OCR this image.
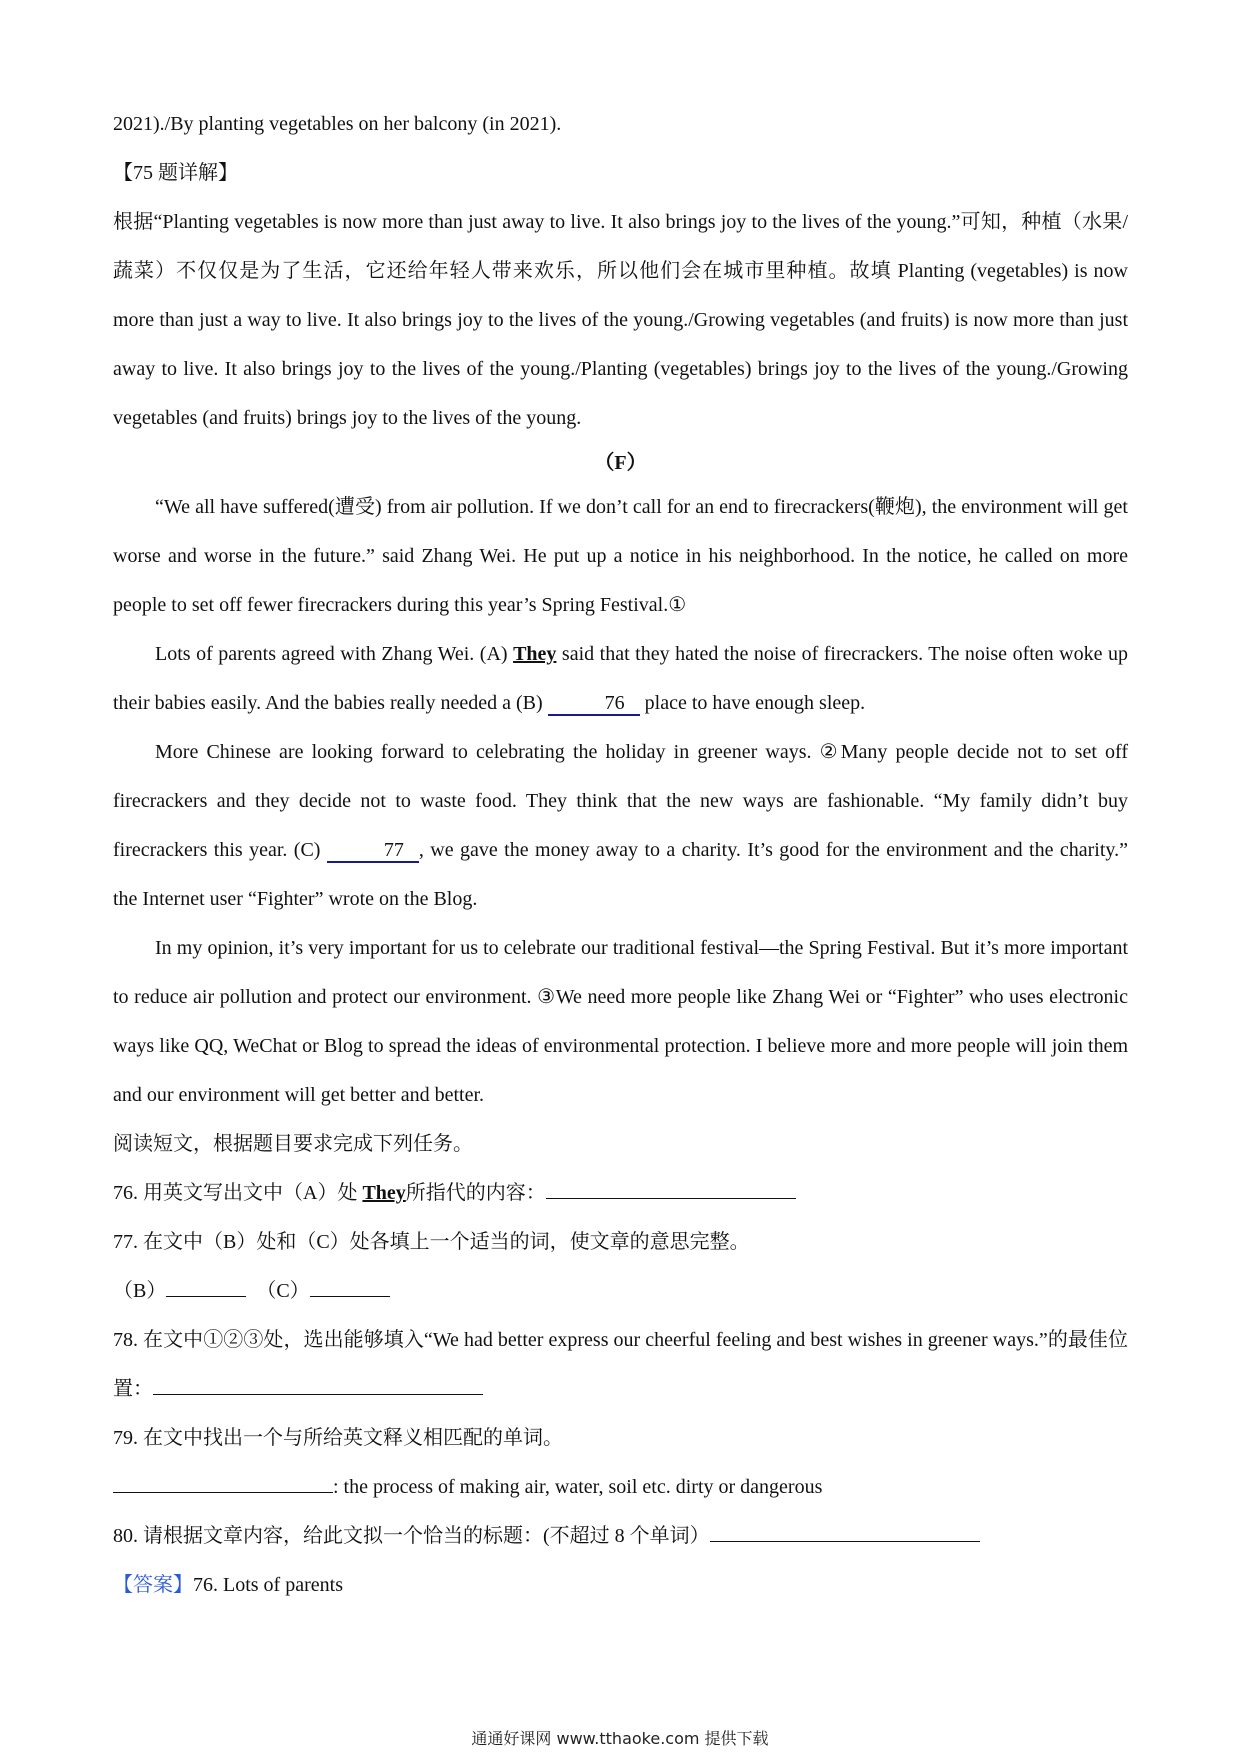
2021)./By planting vegetables on her balcony (in 2021).
【75 题详解】

根据“Planting vegetables is now more than just away to live. It also brings joy to the lives of the young.”可知，种植（水果/蔬菜）不仅仅是为了生活，它还给年轻人带来欢乐，所以他们会在城市里种植。故填 Planting (vegetables) is now more than just a way to live. It also brings joy to the lives of the young./Growing vegetables (and fruits) is now more than just away to live. It also brings joy to the lives of the young./Planting (vegetables) brings joy to the lives of the young./Growing vegetables (and fruits) brings joy to the lives of the young.

（F）

“We all have suffered(遭受) from air pollution. If we don’t call for an end to firecrackers(鞭炮), the environment will get worse and worse in the future.” said Zhang Wei. He put up a notice in his neighborhood. In the notice, he called on more people to set off fewer firecrackers during this year’s Spring Festival.①

Lots of parents agreed with Zhang Wei. (A) They said that they hated the noise of firecrackers. The noise often woke up their babies easily. And the babies really needed a (B)	76 place to have enough sleep.

More Chinese are looking forward to celebrating the holiday in greener ways. ②Many people decide not to set off firecrackers and they decide not to waste food. They think that the new ways are fashionable. “My family didn’t buy firecrackers this year. (C)	77 , we gave the money away to a charity. It’s good for the environment and the charity.” the Internet user “Fighter” wrote on the Blog.

In my opinion, it’s very important for us to celebrate our traditional festival—the Spring Festival. But it’s more important to reduce air pollution and protect our environment. ③We need more people like Zhang Wei or “Fighter” who uses electronic ways like QQ, WeChat or Blog to spread the ideas of environmental protection. I believe more and more people will join them and our environment will get better and better.

阅读短文，根据题目要求完成下列任务。
76. 用英文写出文中（A）处 They所指代的内容：
77. 在文中（B）处和（C）处各填上一个适当的词，使文章的意思完整。
（B）	（C）

78. 在文中①②③处，选出能够填入“We had better express our cheerful feeling and best wishes in greener ways.”的最佳位置：

79. 在文中找出一个与所给英文释义相匹配的单词。
: the process of making air, water, soil etc. dirty or dangerous
80. 请根据文章内容，给此文拟一个恰当的标题：(不超过 8 个单词）
【答案】76. Lots of parents
通通好课网 www.tthaoke.com 提供下载
